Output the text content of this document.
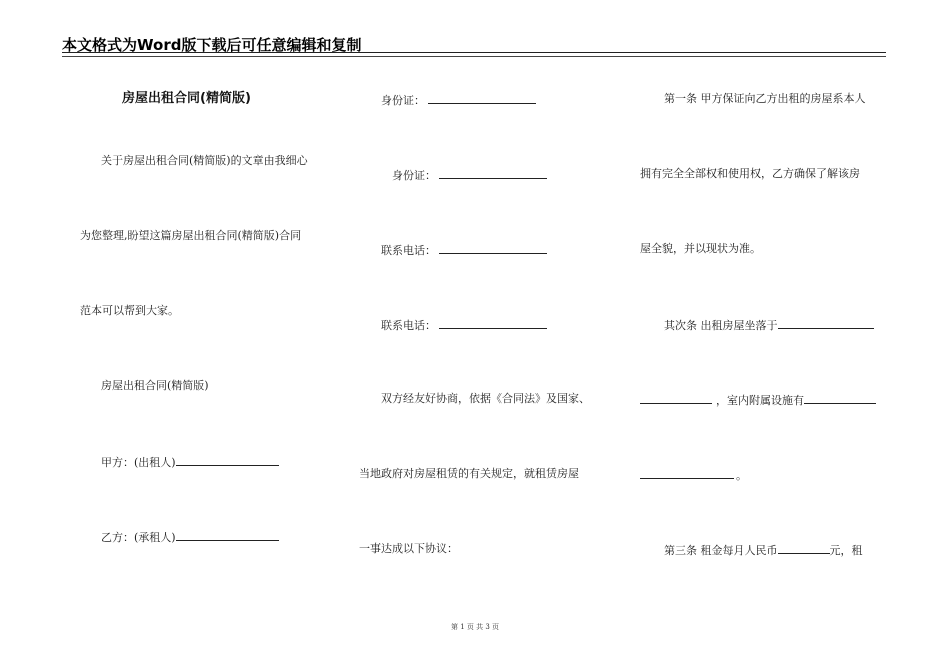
本文格式为Word版下载后可任意编辑和复制
房屋出租合同(精简版)
关于房屋出租合同(精简版)的文章由我细心
为您整理,盼望这篇房屋出租合同(精简版)合同
范本可以帮到大家。
房屋出租合同(精简版)
甲方：(出租人)
乙方：(承租人)
身份证：
身份证：
联系电话：
联系电话：
双方经友好协商，依据《合同法》及国家、
当地政府对房屋租赁的有关规定，就租赁房屋
一事达成以下协议：
第一条 甲方保证向乙方出租的房屋系本人
拥有完全全部权和使用权，乙方确保了解该房
屋全貌，并以现状为准。
其次条 出租房屋坐落于
，室内附属设施有
。
第三条 租金每月人民币	元，租
第 1 页 共 3 页
